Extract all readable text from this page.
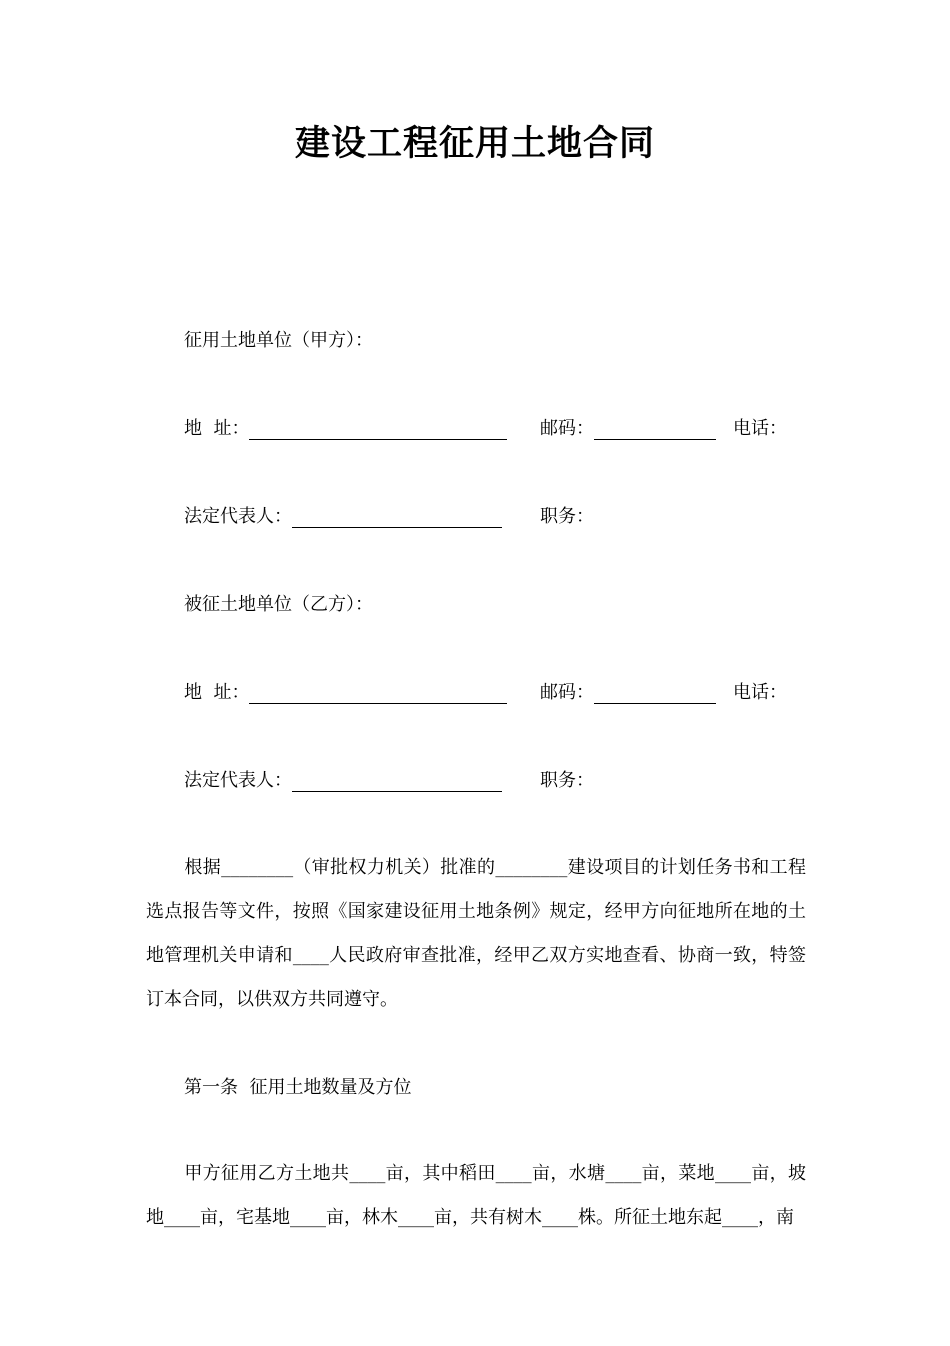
建设工程征用土地合同
征用土地单位（甲方）：
地  址：	邮码：	电话：
法定代表人：	职务：
被征土地单位（乙方）：
地  址：	邮码：	电话：
法定代表人：	职务：
根据________（审批权力机关）批准的________建设项目的计划任务书和工程选点报告等文件，按照《国家建设征用土地条例》规定，经甲方向征地所在地的土地管理机关申请和____人民政府审查批准，经甲乙双方实地查看、协商一致，特签订本合同，以供双方共同遵守。
第一条  征用土地数量及方位
甲方征用乙方土地共____亩，其中稻田____亩，水塘____亩，菜地____亩，坡地____亩，宅基地____亩，林木____亩，共有树木____株。所征土地东起____，南
